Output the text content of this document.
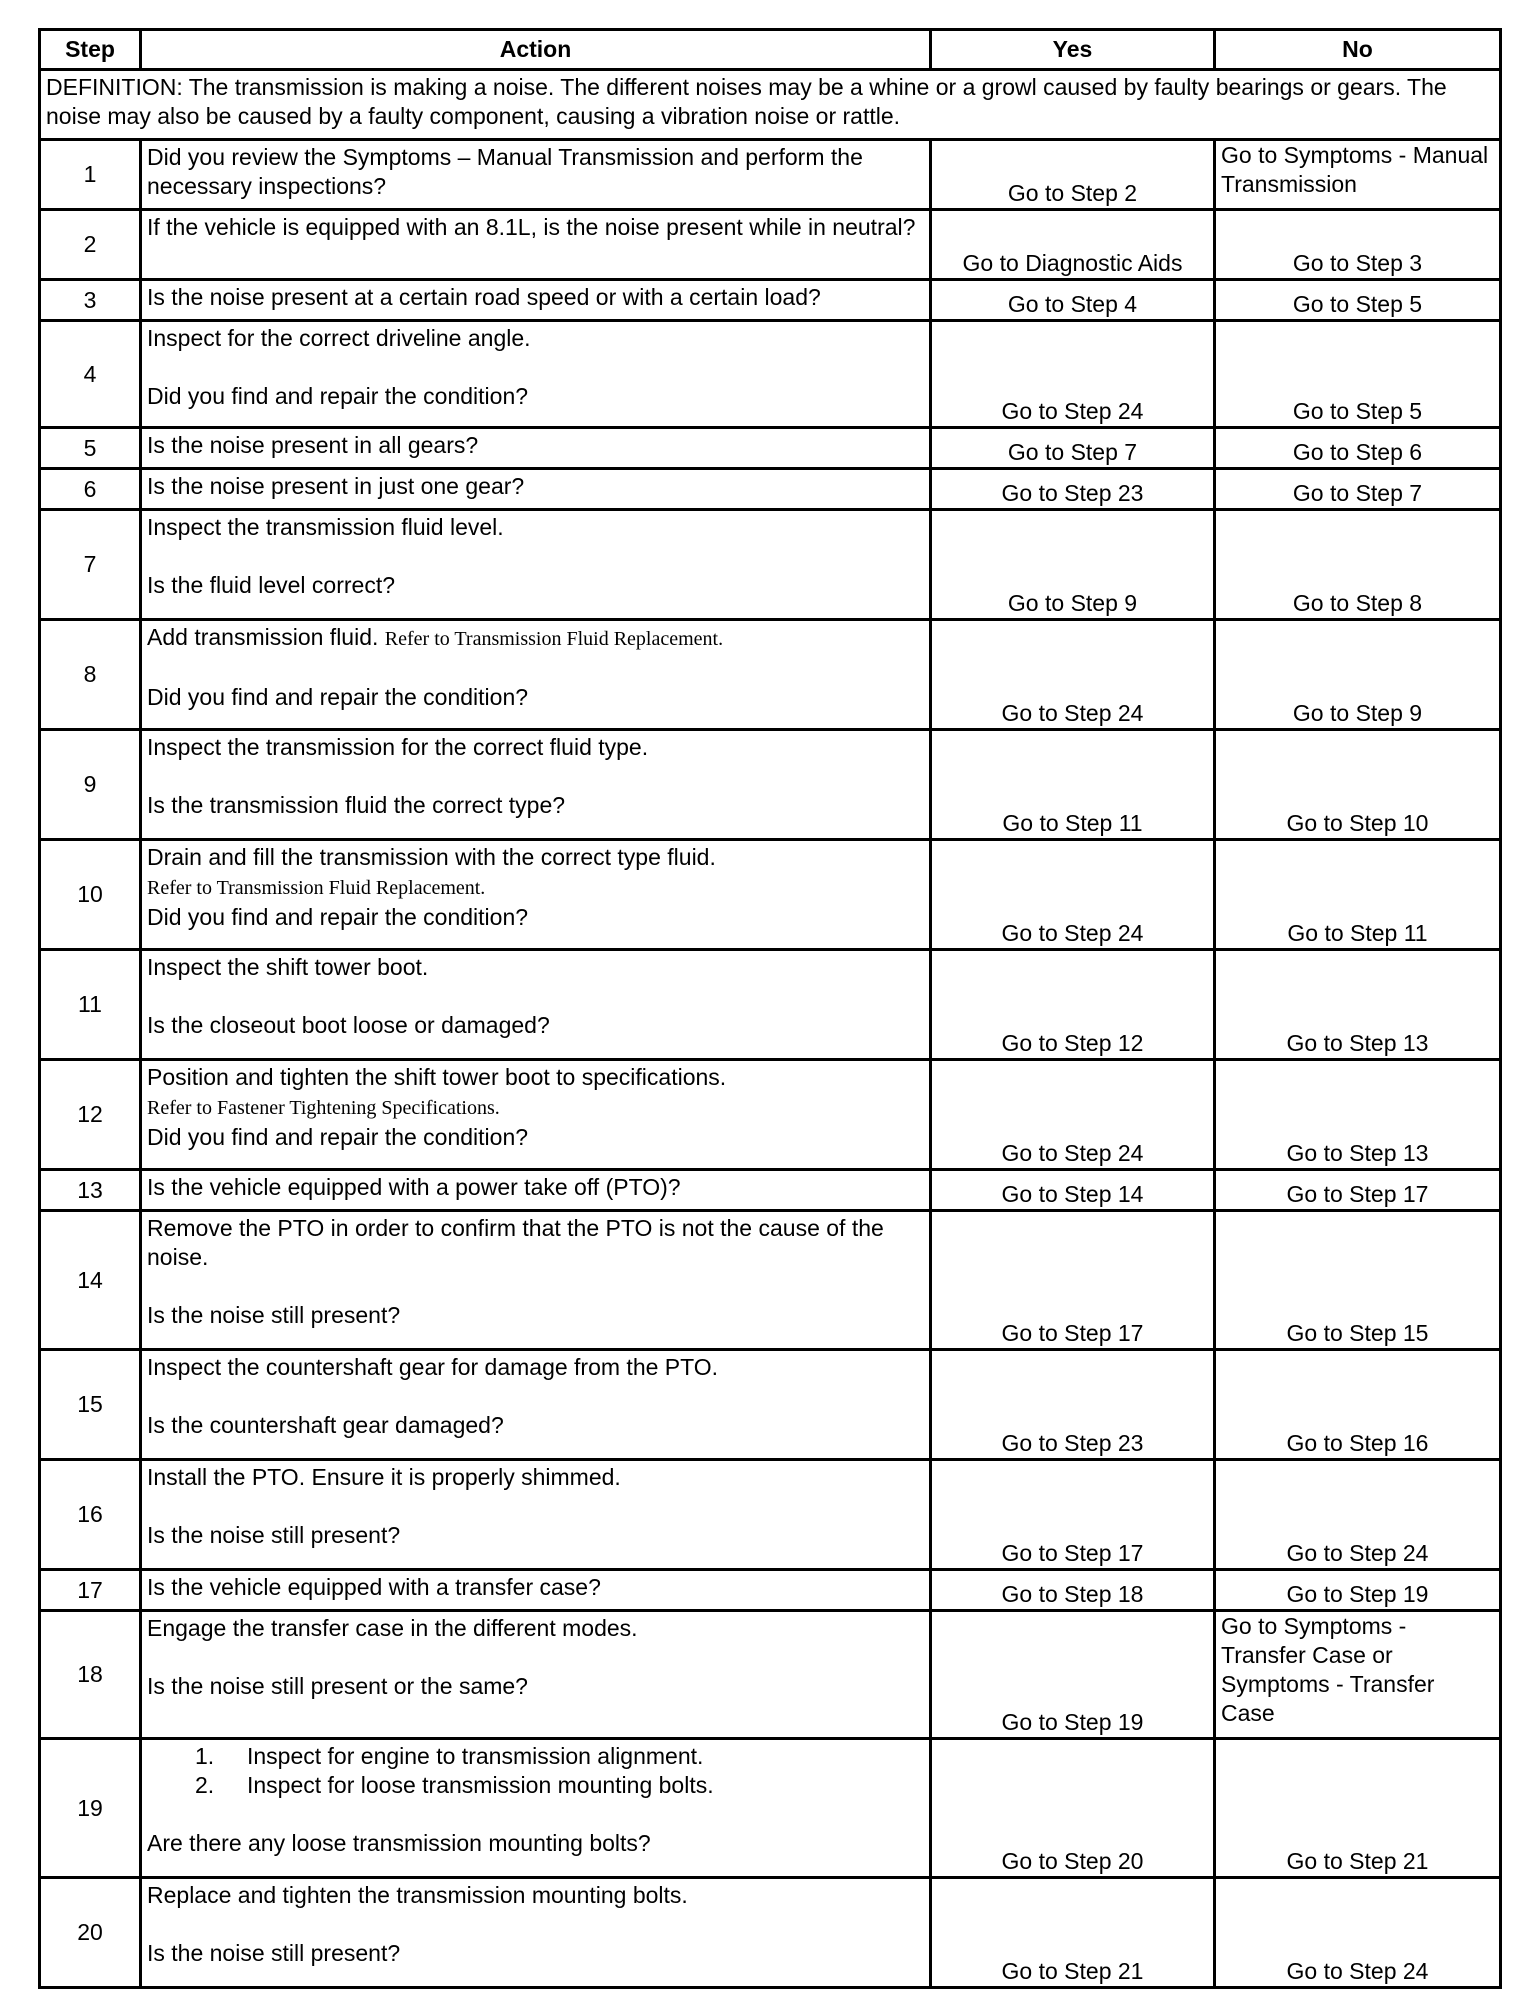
Step	Action	Yes	No
DEFINITION: The transmission is making a noise. The different noises may be a whine or a growl caused by faulty bearings or gears. The noise may also be caused by a faulty component, causing a vibration noise or rattle.			
1	Did you review the Symptoms – Manual Transmission and perform the necessary inspections?	Go to Step 2	Go to Symptoms - Manual Transmission
2	If the vehicle is equipped with an 8.1L, is the noise present while in neutral?	Go to Diagnostic Aids	Go to Step 3
3	Is the noise present at a certain road speed or with a certain load?	Go to Step 4	Go to Step 5
4	Inspect for the correct driveline angle.
Did you find and repair the condition?	Go to Step 24	Go to Step 5
5	Is the noise present in all gears?	Go to Step 7	Go to Step 6
6	Is the noise present in just one gear?	Go to Step 23	Go to Step 7
7	Inspect the transmission fluid level.
Is the fluid level correct?	Go to Step 9	Go to Step 8
8	Add transmission fluid. Refer to Transmission Fluid Replacement.
Did you find and repair the condition?	Go to Step 24	Go to Step 9
9	Inspect the transmission for the correct fluid type.
Is the transmission fluid the correct type?	Go to Step 11	Go to Step 10
10	Drain and fill the transmission with the correct type fluid.
Refer to Transmission Fluid Replacement.
Did you find and repair the condition?	Go to Step 24	Go to Step 11
11	Inspect the shift tower boot.
Is the closeout boot loose or damaged?	Go to Step 12	Go to Step 13
12	Position and tighten the shift tower boot to specifications.
Refer to Fastener Tightening Specifications.
Did you find and repair the condition?	Go to Step 24	Go to Step 13
13	Is the vehicle equipped with a power take off (PTO)?	Go to Step 14	Go to Step 17
14	Remove the PTO in order to confirm that the PTO is not the cause of the noise.
Is the noise still present?	Go to Step 17	Go to Step 15
15	Inspect the countershaft gear for damage from the PTO.
Is the countershaft gear damaged?	Go to Step 23	Go to Step 16
16	Install the PTO. Ensure it is properly shimmed.
Is the noise still present?	Go to Step 17	Go to Step 24
17	Is the vehicle equipped with a transfer case?	Go to Step 18	Go to Step 19
18	Engage the transfer case in the different modes.
Is the noise still present or the same?	Go to Step 19	Go to Symptoms - Transfer Case or Symptoms - Transfer Case
19	1. Inspect for engine to transmission alignment.
2. Inspect for loose transmission mounting bolts.
Are there any loose transmission mounting bolts?	Go to Step 20	Go to Step 21
20	Replace and tighten the transmission mounting bolts.
Is the noise still present?	Go to Step 21	Go to Step 24
